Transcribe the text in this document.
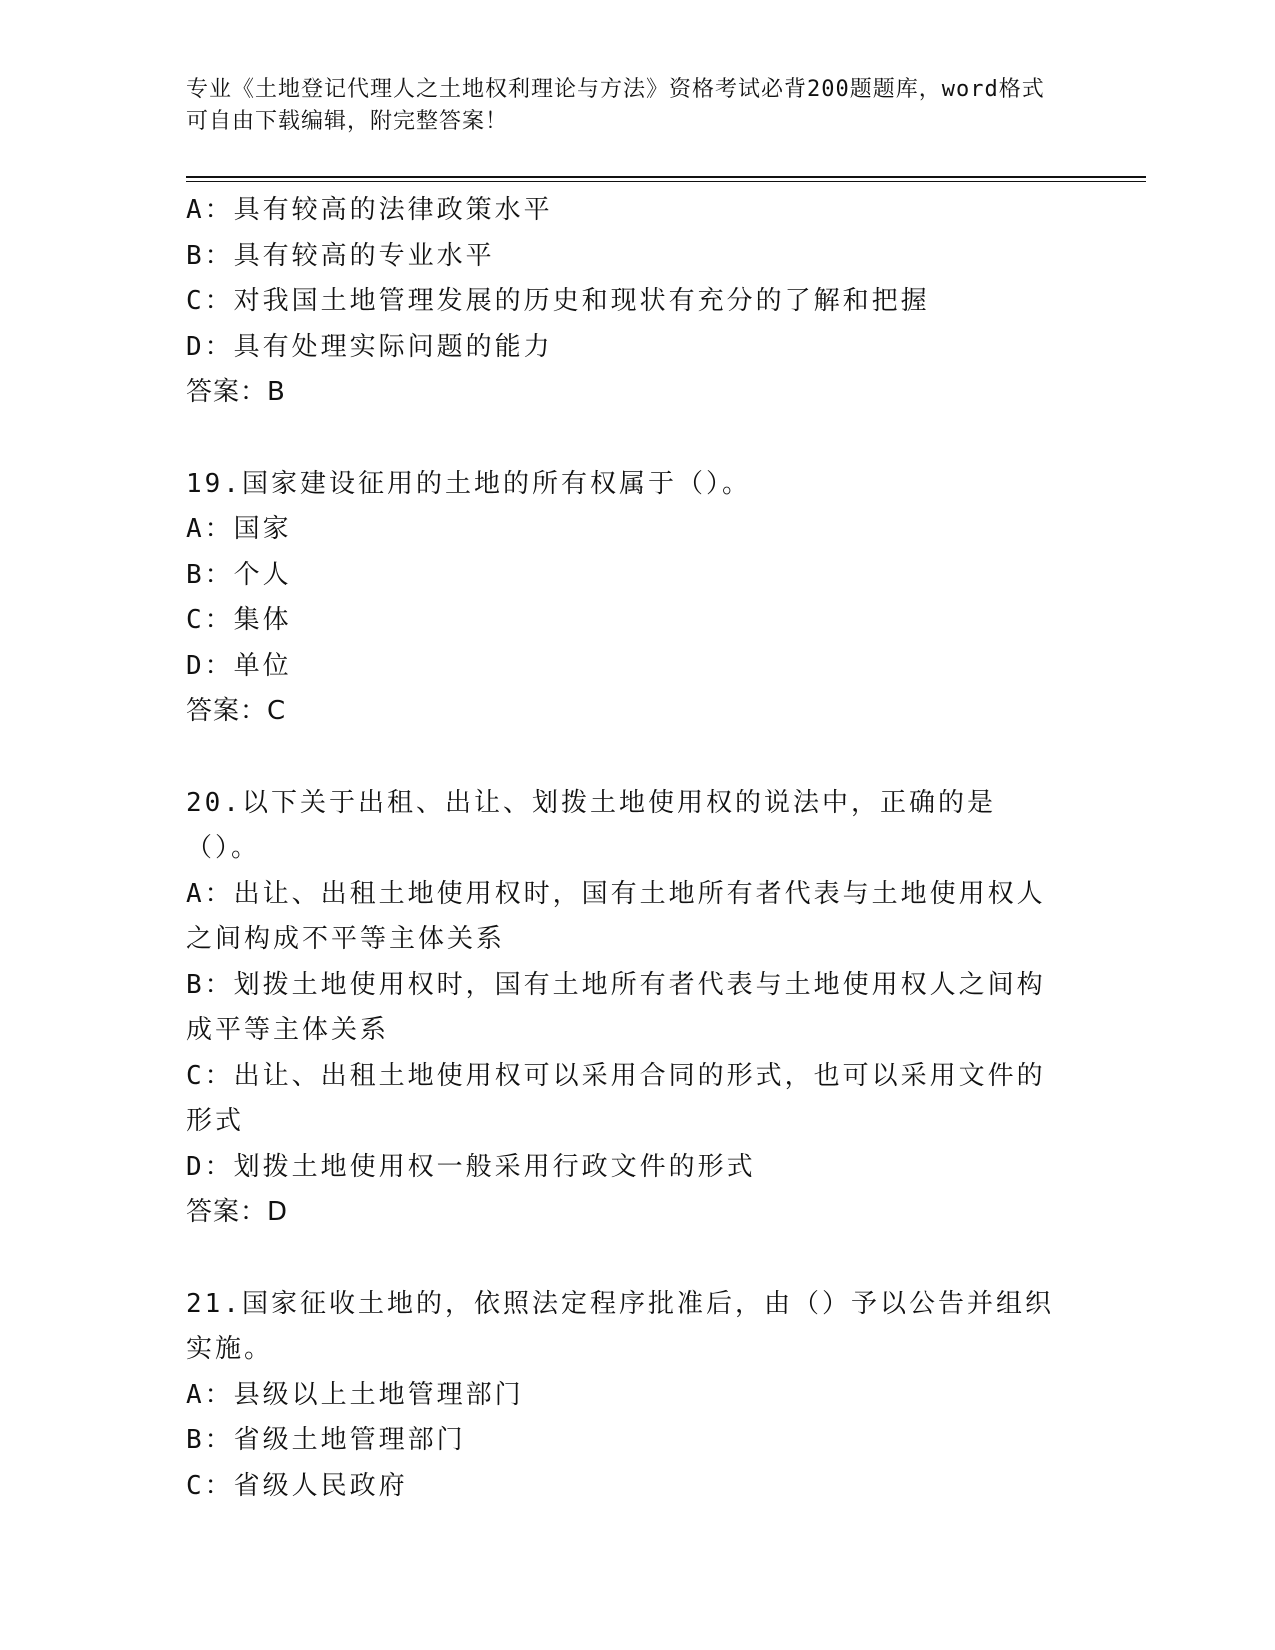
专业《土地登记代理人之土地权利理论与方法》资格考试必背200题题库，word格式可自由下载编辑，附完整答案！
A：具有较高的法律政策水平
B：具有较高的专业水平
C：对我国土地管理发展的历史和现状有充分的了解和把握
D：具有处理实际问题的能力
答案：B
19.国家建设征用的土地的所有权属于（）。
A：国家
B：个人
C：集体
D：单位
答案：C
20.以下关于出租、出让、划拨土地使用权的说法中，正确的是（）。
A：出让、出租土地使用权时，国有土地所有者代表与土地使用权人之间构成不平等主体关系
B：划拨土地使用权时，国有土地所有者代表与土地使用权人之间构成平等主体关系
C：出让、出租土地使用权可以采用合同的形式，也可以采用文件的形式
D：划拨土地使用权一般采用行政文件的形式
答案：D
21.国家征收土地的，依照法定程序批准后，由（）予以公告并组织实施。
A：县级以上土地管理部门
B：省级土地管理部门
C：省级人民政府
